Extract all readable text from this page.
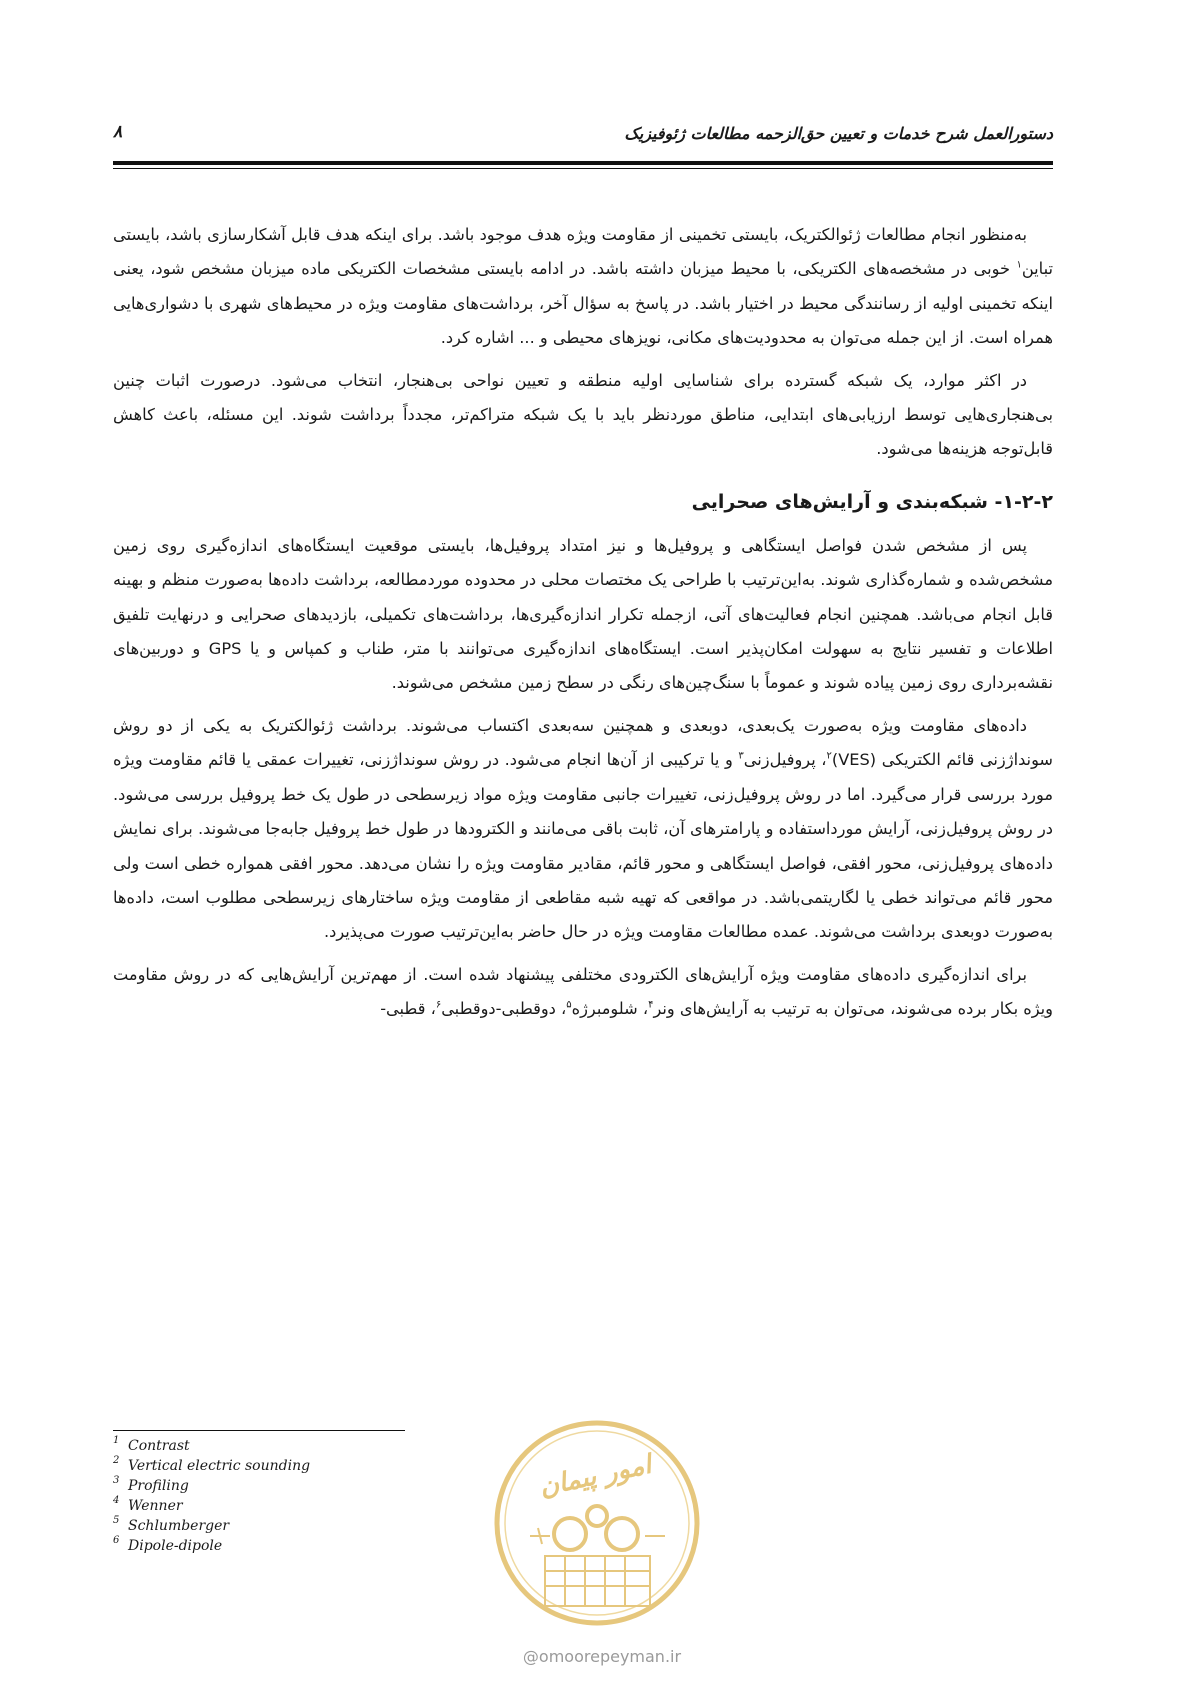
دستورالعمل شرح خدمات و تعیین حق‌الزحمه مطالعات ژئوفیزیک
۸

به‌منظور انجام مطالعات ژئوالکتریک، بایستی تخمینی از مقاومت ویژه هدف موجود باشد. برای اینکه هدف قابل آشکارسازی باشد، بایستی تباین$^۱$ خوبی در مشخصه‌های الکتریکی، با محیط میزبان داشته باشد. در ادامه بایستی مشخصات الکتریکی ماده میزبان مشخص شود، یعنی اینکه تخمینی اولیه از رسانندگی محیط در اختیار باشد. در پاسخ به سؤال آخر، برداشت‌های مقاومت ویژه در محیط‌های شهری با دشواری‌هایی همراه است. از این جمله می‌توان به محدودیت‌های مکانی، نویزهای محیطی و ... اشاره کرد.

در اکثر موارد، یک شبکه گسترده برای شناسایی اولیه منطقه و تعیین نواحی بی‌هنجار، انتخاب می‌شود. درصورت اثبات چنین بی‌هنجاری‌هایی توسط ارزیابی‌های ابتدایی، مناطق موردنظر باید با یک شبکه متراکم‌تر، مجدداً برداشت شوند. این مسئله، باعث کاهش قابل‌توجه هزینه‌ها می‌شود.

۱-۲-۲- شبکه‌بندی و آرایش‌های صحرایی

پس از مشخص شدن فواصل ایستگاهی و پروفیل‌ها و نیز امتداد پروفیل‌ها، بایستی موقعیت ایستگاه‌های اندازه‌گیری روی زمین مشخص‌شده و شماره‌گذاری شوند. به‌این‌ترتیب با طراحی یک مختصات محلی در محدوده موردمطالعه، برداشت داده‌ها به‌صورت منظم و بهینه قابل انجام می‌باشد. همچنین انجام فعالیت‌های آتی، ازجمله تکرار اندازه‌گیری‌ها، برداشت‌های تکمیلی، بازدیدهای صحرایی و درنهایت تلفیق اطلاعات و تفسیر نتایج به سهولت امکان‌پذیر است. ایستگاه‌های اندازه‌گیری می‌توانند با متر، طناب و کمپاس و یا GPS و دوربین‌های نقشه‌برداری روی زمین پیاده شوند و عموماً با سنگ‌چین‌های رنگی در سطح زمین مشخص می‌شوند.

داده‌های مقاومت ویژه به‌صورت یک‌بعدی، دوبعدی و همچنین سه‌بعدی اکتساب می‌شوند. برداشت ژئوالکتریک به یکی از دو روش سونداژزنی قائم الکتریکی (VES)$^۲$، پروفیل‌زنی$^۳$ و یا ترکیبی از آن‌ها انجام می‌شود. در روش سونداژزنی، تغییرات عمقی یا قائم مقاومت ویژه مورد بررسی قرار می‌گیرد. اما در روش پروفیل‌زنی، تغییرات جانبی مقاومت ویژه مواد زیرسطحی در طول یک خط پروفیل بررسی می‌شود. در روش پروفیل‌زنی، آرایش مورداستفاده و پارامترهای آن، ثابت باقی می‌مانند و الکترودها در طول خط پروفیل جابه‌جا می‌شوند. برای نمایش داده‌های پروفیل‌زنی، محور افقی، فواصل ایستگاهی و محور قائم، مقادیر مقاومت ویژه را نشان می‌دهد. محور افقی همواره خطی است ولی محور قائم می‌تواند خطی یا لگاریتمی‌باشد. در مواقعی که تهیه شبه مقاطعی از مقاومت ویژه ساختارهای زیرسطحی مطلوب است، داده‌ها به‌صورت دوبعدی برداشت می‌شوند. عمده مطالعات مقاومت ویژه در حال حاضر به‌این‌ترتیب صورت می‌پذیرد.

برای اندازه‌گیری داده‌های مقاومت ویژه آرایش‌های الکترودی مختلفی پیشنهاد شده است. از مهم‌ترین آرایش‌هایی که در روش مقاومت ویژه بکار برده می‌شوند، می‌توان به ترتیب به آرایش‌های ونر$^۴$، شلومبرژه$^۵$، دوقطبی-دوقطبی$^۶$، قطبی-

1 Contrast
2 Vertical electric sounding
3 Profiling
4 Wenner
5 Schlumberger
6 Dipole-dipole
امور پیمان
@omoorepeyman.ir
